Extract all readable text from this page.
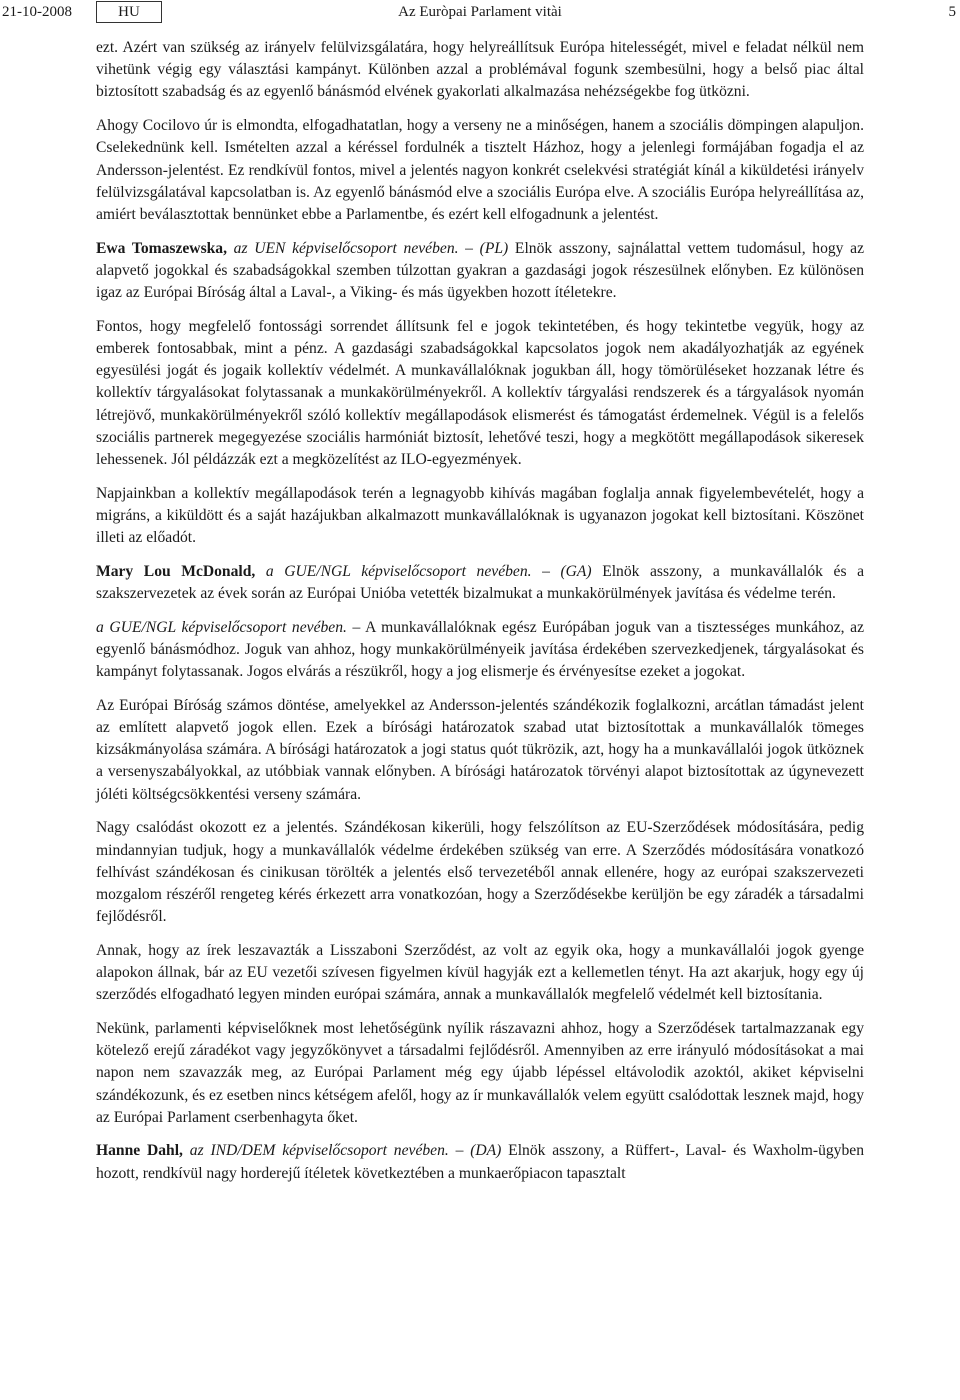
21-10-2008	HU	Az Euròpai Parlament vitài	5

ezt. Azért van szükség az irányelv felülvizsgálatára, hogy helyreállítsuk Európa hitelességét, mivel e feladat nélkül nem vihetünk végig egy választási kampányt. Különben azzal a problémával fogunk szembesülni, hogy a belső piac által biztosított szabadság és az egyenlő bánásmód elvének gyakorlati alkalmazása nehézségekbe fog ütközni.

Ahogy Cocilovo úr is elmondta, elfogadhatatlan, hogy a verseny ne a minőségen, hanem a szociális dömpingen alapuljon. Cselekednünk kell. Ismételten azzal a kéréssel fordulnék a tisztelt Házhoz, hogy a jelenlegi formájában fogadja el az Andersson-jelentést. Ez rendkívül fontos, mivel a jelentés nagyon konkrét cselekvési stratégiát kínál a kiküldetési irányelv felülvizsgálatával kapcsolatban is. Az egyenlő bánásmód elve a szociális Európa elve. A szociális Európa helyreállítása az, amiért beválasztottak bennünket ebbe a Parlamentbe, és ezért kell elfogadnunk a jelentést.

Ewa Tomaszewska, az UEN képviselőcsoport nevében. – (PL) Elnök asszony, sajnálattal vettem tudomásul, hogy az alapvető jogokkal és szabadságokkal szemben túlzottan gyakran a gazdasági jogok részesülnek előnyben. Ez különösen igaz az Európai Bíróság által a Laval-, a Viking- és más ügyekben hozott ítéletekre.

Fontos, hogy megfelelő fontossági sorrendet állítsunk fel e jogok tekintetében, és hogy tekintetbe vegyük, hogy az emberek fontosabbak, mint a pénz. A gazdasági szabadságokkal kapcsolatos jogok nem akadályozhatják az egyének egyesülési jogát és jogaik kollektív védelmét. A munkavállalóknak jogukban áll, hogy tömörüléseket hozzanak létre és kollektív tárgyalásokat folytassanak a munkakörülményekről. A kollektív tárgyalási rendszerek és a tárgyalások nyomán létrejövő, munkakörülményekről szóló kollektív megállapodások elismerést és támogatást érdemelnek. Végül is a felelős szociális partnerek megegyezése szociális harmóniát biztosít, lehetővé teszi, hogy a megkötött megállapodások sikeresek lehessenek. Jól példázzák ezt a megközelítést az ILO-egyezmények.

Napjainkban a kollektív megállapodások terén a legnagyobb kihívás magában foglalja annak figyelembevételét, hogy a migráns, a kiküldött és a saját hazájukban alkalmazott munkavállalóknak is ugyanazon jogokat kell biztosítani. Köszönet illeti az előadót.

Mary Lou McDonald, a GUE/NGL képviselőcsoport nevében. – (GA) Elnök asszony, a munkavállalók és a szakszervezetek az évek során az Európai Unióba vetették bizalmukat a munkakörülmények javítása és védelme terén.

a GUE/NGL képviselőcsoport nevében. – A munkavállalóknak egész Európában joguk van a tisztességes munkához, az egyenlő bánásmódhoz. Joguk van ahhoz, hogy munkakörülményeik javítása érdekében szervezkedjenek, tárgyalásokat és kampányt folytassanak. Jogos elvárás a részükről, hogy a jog elismerje és érvényesítse ezeket a jogokat.

Az Európai Bíróság számos döntése, amelyekkel az Andersson-jelentés szándékozik foglalkozni, arcátlan támadást jelent az említett alapvető jogok ellen. Ezek a bírósági határozatok szabad utat biztosítottak a munkavállalók tömeges kizsákmányolása számára. A bírósági határozatok a jogi status quót tükrözik, azt, hogy ha a munkavállalói jogok ütköznek a versenyszabályokkal, az utóbbiak vannak előnyben. A bírósági határozatok törvényi alapot biztosítottak az úgynevezett jóléti költségcsökkentési verseny számára.

Nagy csalódást okozott ez a jelentés. Szándékosan kikerüli, hogy felszólítson az EU-Szerződések módosítására, pedig mindannyian tudjuk, hogy a munkavállalók védelme érdekében szükség van erre. A Szerződés módosítására vonatkozó felhívást szándékosan és cinikusan törölték a jelentés első tervezetéből annak ellenére, hogy az európai szakszervezeti mozgalom részéről rengeteg kérés érkezett arra vonatkozóan, hogy a Szerződésekbe kerüljön be egy záradék a társadalmi fejlődésről.

Annak, hogy az írek leszavazták a Lisszaboni Szerződést, az volt az egyik oka, hogy a munkavállalói jogok gyenge alapokon állnak, bár az EU vezetői szívesen figyelmen kívül hagyják ezt a kellemetlen tényt. Ha azt akarjuk, hogy egy új szerződés elfogadható legyen minden európai számára, annak a munkavállalók megfelelő védelmét kell biztosítania.

Nekünk, parlamenti képviselőknek most lehetőségünk nyílik rászavazni ahhoz, hogy a Szerződések tartalmazzanak egy kötelező erejű záradékot vagy jegyzőkönyvet a társadalmi fejlődésről. Amennyiben az erre irányuló módosításokat a mai napon nem szavazzák meg, az Európai Parlament még egy újabb lépéssel eltávolodik azoktól, akiket képviselni szándékozunk, és ez esetben nincs kétségem afelől, hogy az ír munkavállalók velem együtt csalódottak lesznek majd, hogy az Európai Parlament cserbenhagyta őket.

Hanne Dahl, az IND/DEM képviselőcsoport nevében. – (DA) Elnök asszony, a Rüffert-, Laval- és Waxholm-ügyben hozott, rendkívül nagy horderejű ítéletek következtében a munkaerőpiacon tapasztalt
